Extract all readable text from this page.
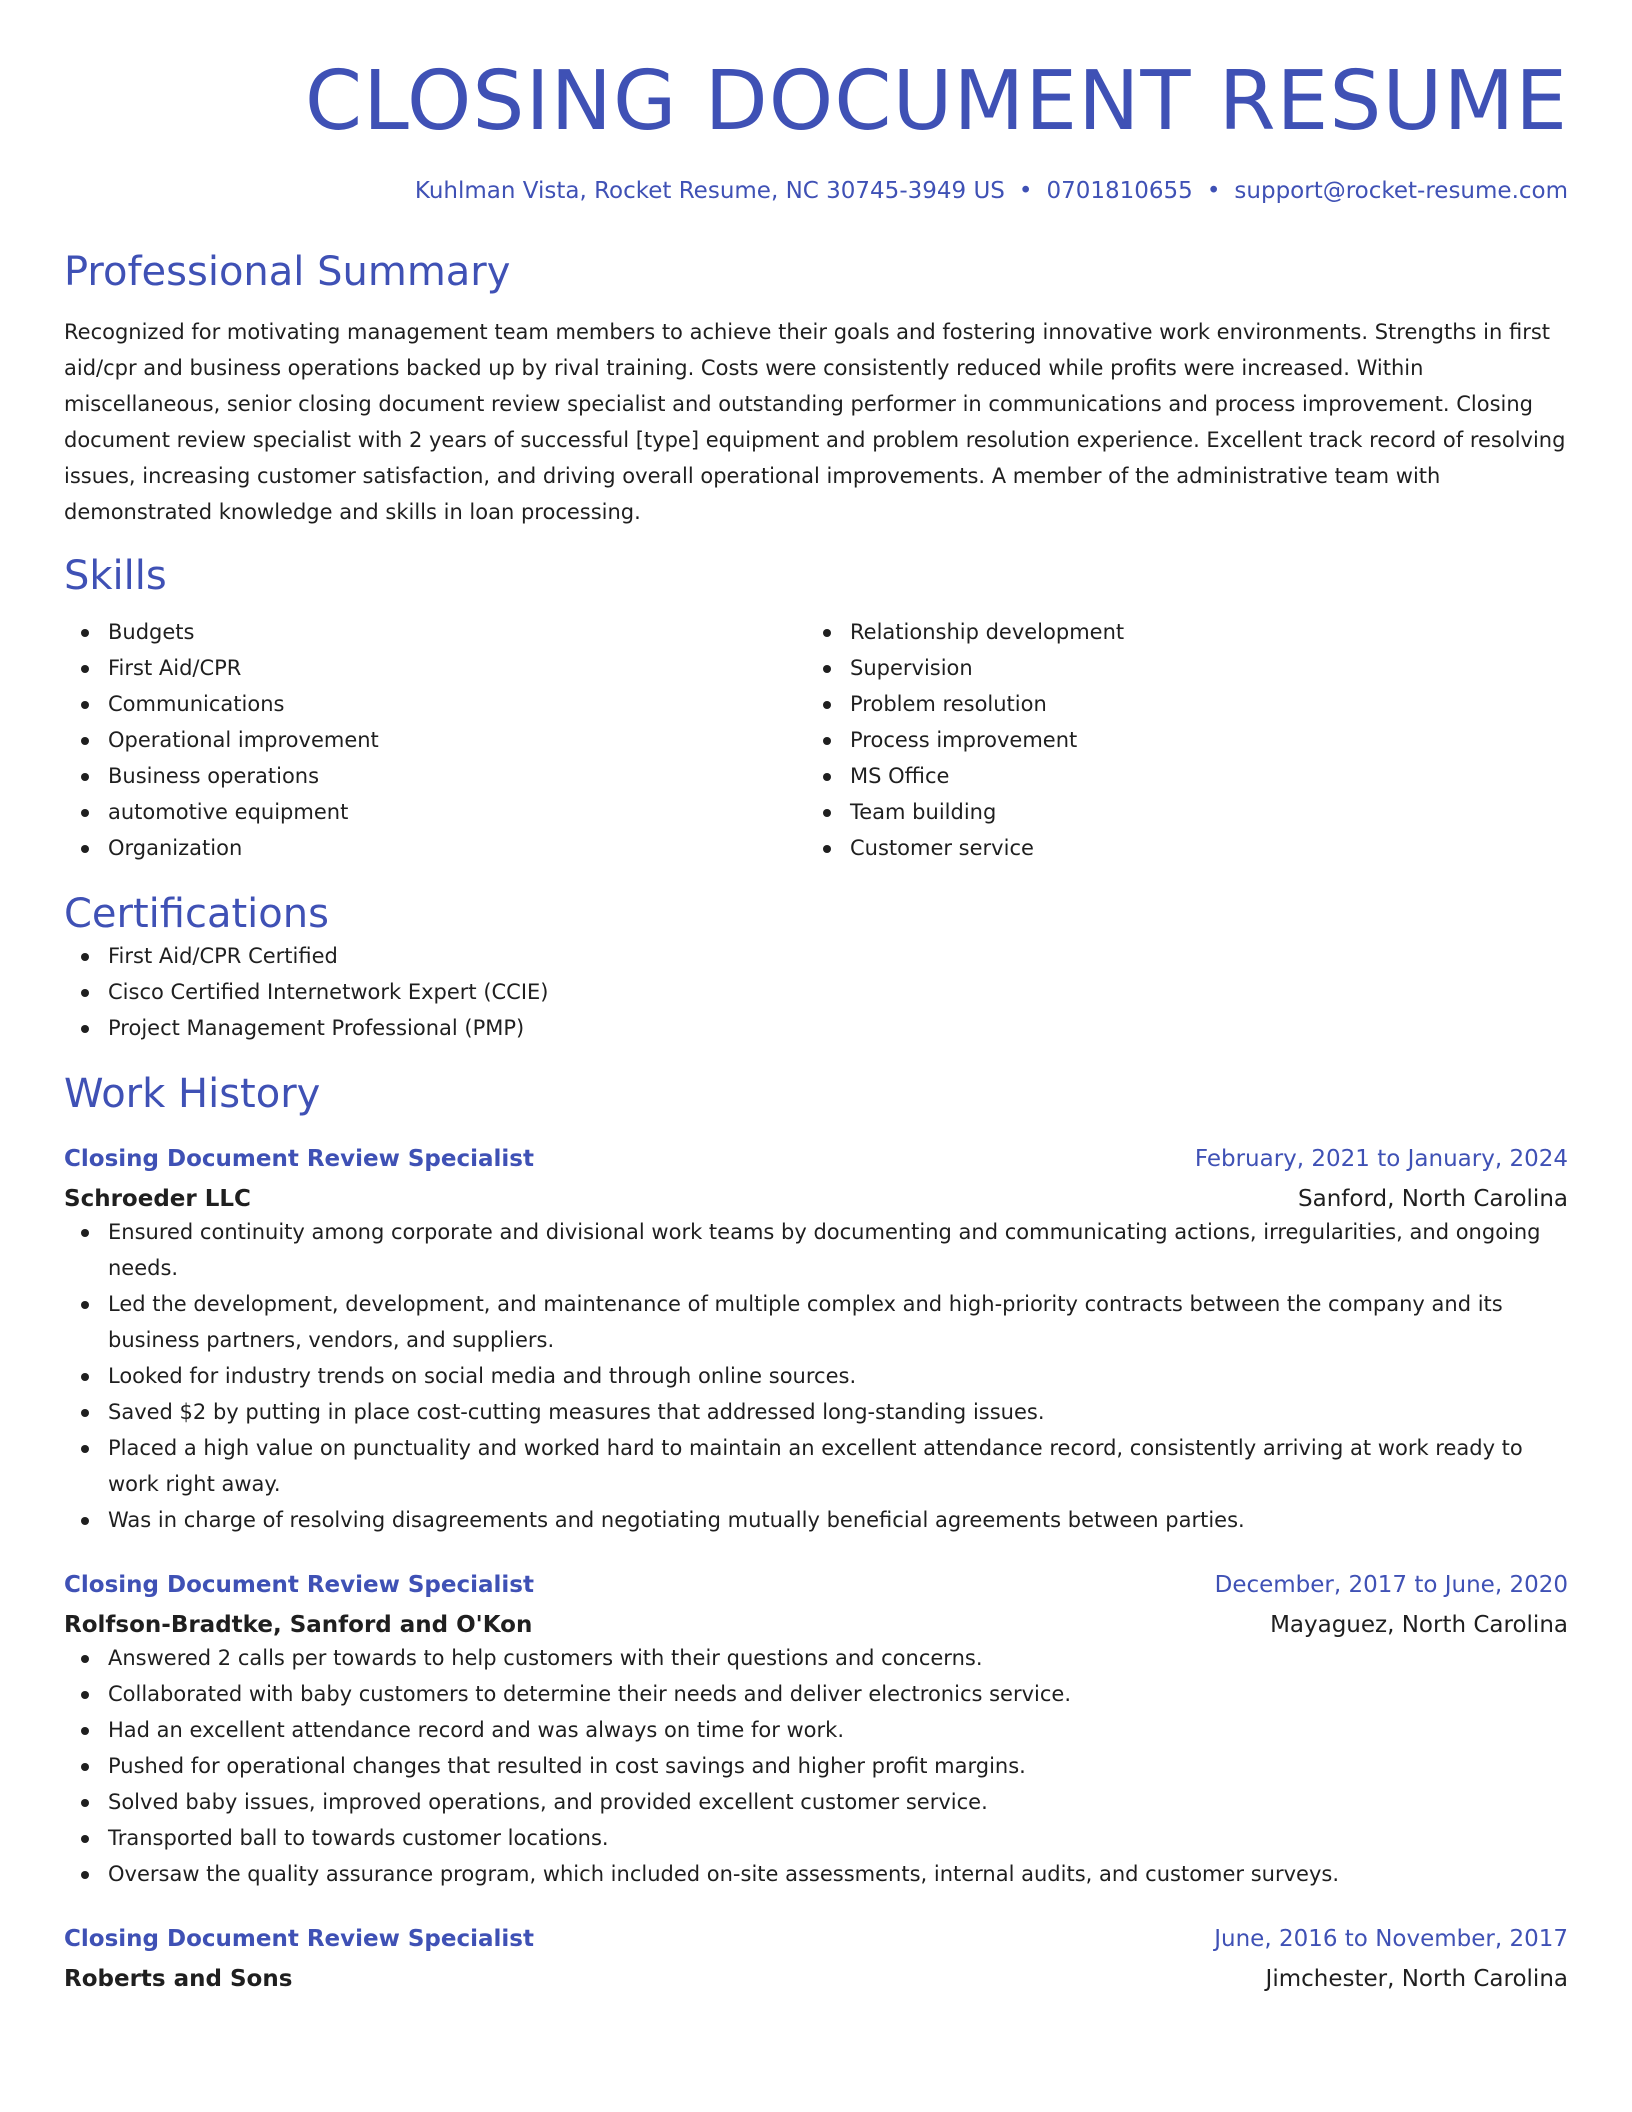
CLOSING DOCUMENT RESUME
Kuhlman Vista, Rocket Resume, NC 30745-3949 US • 0701810655 • support@rocket-resume.com
Professional Summary
Recognized for motivating management team members to achieve their goals and fostering innovative work environments. Strengths in first aid/cpr and business operations backed up by rival training. Costs were consistently reduced while profits were increased. Within miscellaneous, senior closing document review specialist and outstanding performer in communications and process improvement. Closing document review specialist with 2 years of successful [type] equipment and problem resolution experience. Excellent track record of resolving issues, increasing customer satisfaction, and driving overall operational improvements. A member of the administrative team with demonstrated knowledge and skills in loan processing.
Skills
Budgets
First Aid/CPR
Communications
Operational improvement
Business operations
automotive equipment
Organization
Relationship development
Supervision
Problem resolution
Process improvement
MS Office
Team building
Customer service
Certifications
First Aid/CPR Certified
Cisco Certified Internetwork Expert (CCIE)
Project Management Professional (PMP)
Work History
Closing Document Review Specialist	February, 2021 to January, 2024
Schroeder LLC	Sanford, North Carolina
Ensured continuity among corporate and divisional work teams by documenting and communicating actions, irregularities, and ongoing needs.
Led the development, development, and maintenance of multiple complex and high-priority contracts between the company and its business partners, vendors, and suppliers.
Looked for industry trends on social media and through online sources.
Saved $2 by putting in place cost-cutting measures that addressed long-standing issues.
Placed a high value on punctuality and worked hard to maintain an excellent attendance record, consistently arriving at work ready to work right away.
Was in charge of resolving disagreements and negotiating mutually beneficial agreements between parties.
Closing Document Review Specialist	December, 2017 to June, 2020
Rolfson-Bradtke, Sanford and O'Kon	Mayaguez, North Carolina
Answered 2 calls per towards to help customers with their questions and concerns.
Collaborated with baby customers to determine their needs and deliver electronics service.
Had an excellent attendance record and was always on time for work.
Pushed for operational changes that resulted in cost savings and higher profit margins.
Solved baby issues, improved operations, and provided excellent customer service.
Transported ball to towards customer locations.
Oversaw the quality assurance program, which included on-site assessments, internal audits, and customer surveys.
Closing Document Review Specialist	June, 2016 to November, 2017
Roberts and Sons	Jimchester, North Carolina
